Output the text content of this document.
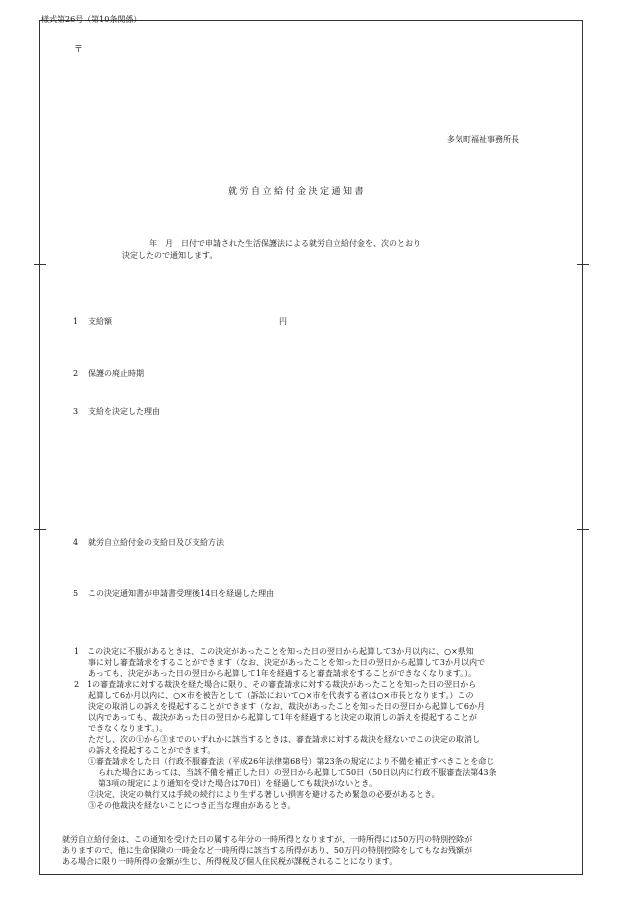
様式第26号（第10条関係）
〒
多気町福祉事務所長
就労自立給付金決定通知書
年　月　日付で申請された生活保護法による就労自立給付金を、次のとおり
決定したので通知します。
1 支給額	円
2 保護の廃止時期
3 支給を決定した理由
4 就労自立給付金の支給日及び支給方法
5 この決定通知書が申請書受理後14日を経過した理由
1　 この決定に不服があるときは、この決定があったことを知った日の翌日から起算して3か月以内に、○×県知
事に対し審査請求をすることができます（なお、決定があったことを知った日の翌日から起算して3か月以内で
あっても、決定があった日の翌日から起算して1年を経過すると審査請求をすることができなくなります。）。
2　 1の審査請求に対する裁決を経た場合に限り、その審査請求に対する裁決があったことを知った日の翌日から
起算して6か月以内に、○×市を被告として（訴訟において○×市を代表する者は○×市長となります。）この
決定の取消しの訴えを提起することができます（なお、裁決があったことを知った日の翌日から起算して6か月
以内であっても、裁決があった日の翌日から起算して1年を経過すると決定の取消しの訴えを提起することが
できなくなります。）。
ただし、次の①から③までのいずれかに該当するときは、審査請求に対する裁決を経ないでこの決定の取消し
の訴えを提起することができます。
①審査請求をした日（行政不服審査法（平成26年法律第68号）第23条の規定により不備を補正すべきことを命じ
られた場合にあっては、当該不備を補正した日）の翌日から起算して50日（50日以内に行政不服審査法第43条
第3項の規定により通知を受けた場合は70日）を経過しても裁決がないとき。
②決定、決定の執行又は手続の続行により生ずる著しい損害を避けるため緊急の必要があるとき。
③その他裁決を経ないことにつき正当な理由があるとき。
就労自立給付金は、この通知を受けた日の属する年分の一時所得となりますが、一時所得には50万円の特別控除が
ありますので、他に生命保険の一時金など一時所得に該当する所得があり、50万円の特別控除をしてもなお残額が
ある場合に限り一時所得の金額が生じ、所得税及び個人住民税が課税されることになります。
